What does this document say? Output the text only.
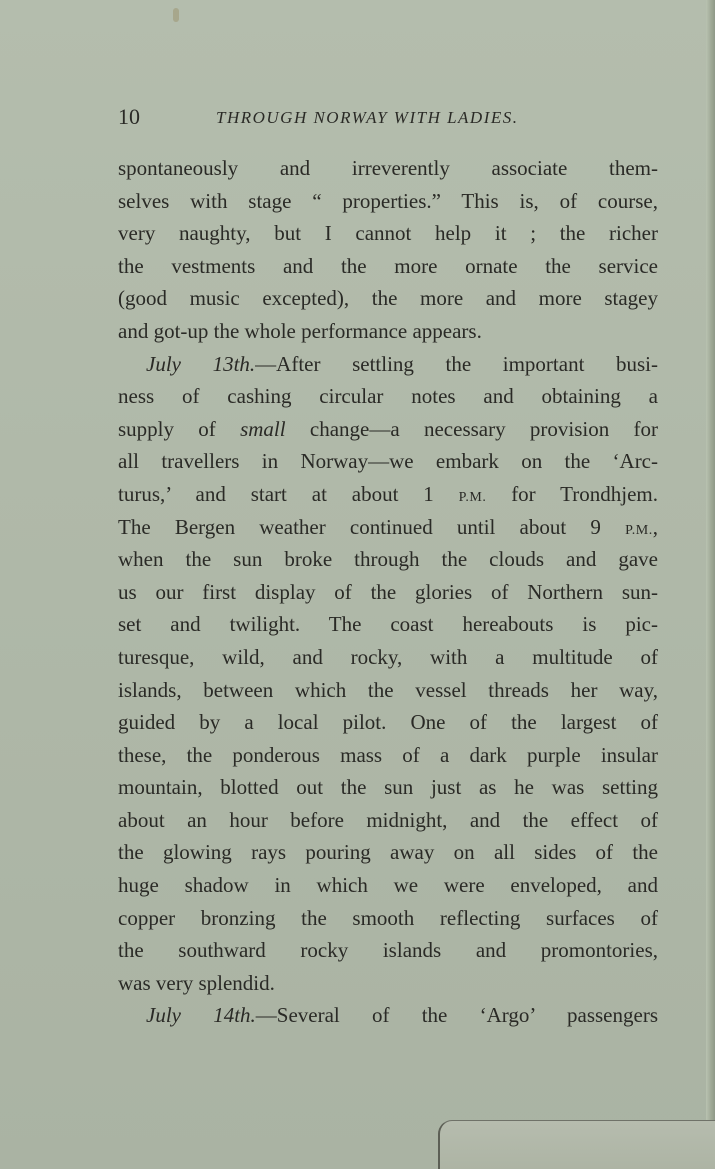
10	THROUGH NORWAY WITH LADIES.
spontaneously and irreverently associate them-
selves with stage “ properties.” This is, of course,
very naughty, but I cannot help it ; the richer
the vestments and the more ornate the service
(good music excepted), the more and more stagey
and got-up the whole performance appears.
July 13th.—After settling the important busi-
ness of cashing circular notes and obtaining a
supply of small change—a necessary provision for
all travellers in Norway—we embark on the ‘Arc-
turus,’ and start at about 1 P.M. for Trondhjem.
The Bergen weather continued until about 9 P.M.,
when the sun broke through the clouds and gave
us our first display of the glories of Northern sun-
set and twilight. The coast hereabouts is pic-
turesque, wild, and rocky, with a multitude of
islands, between which the vessel threads her way,
guided by a local pilot. One of the largest of
these, the ponderous mass of a dark purple insular
mountain, blotted out the sun just as he was setting
about an hour before midnight, and the effect of
the glowing rays pouring away on all sides of the
huge shadow in which we were enveloped, and
copper bronzing the smooth reflecting surfaces of
the southward rocky islands and promontories,
was very splendid.
July 14th.—Several of the ‘Argo’ passengers
